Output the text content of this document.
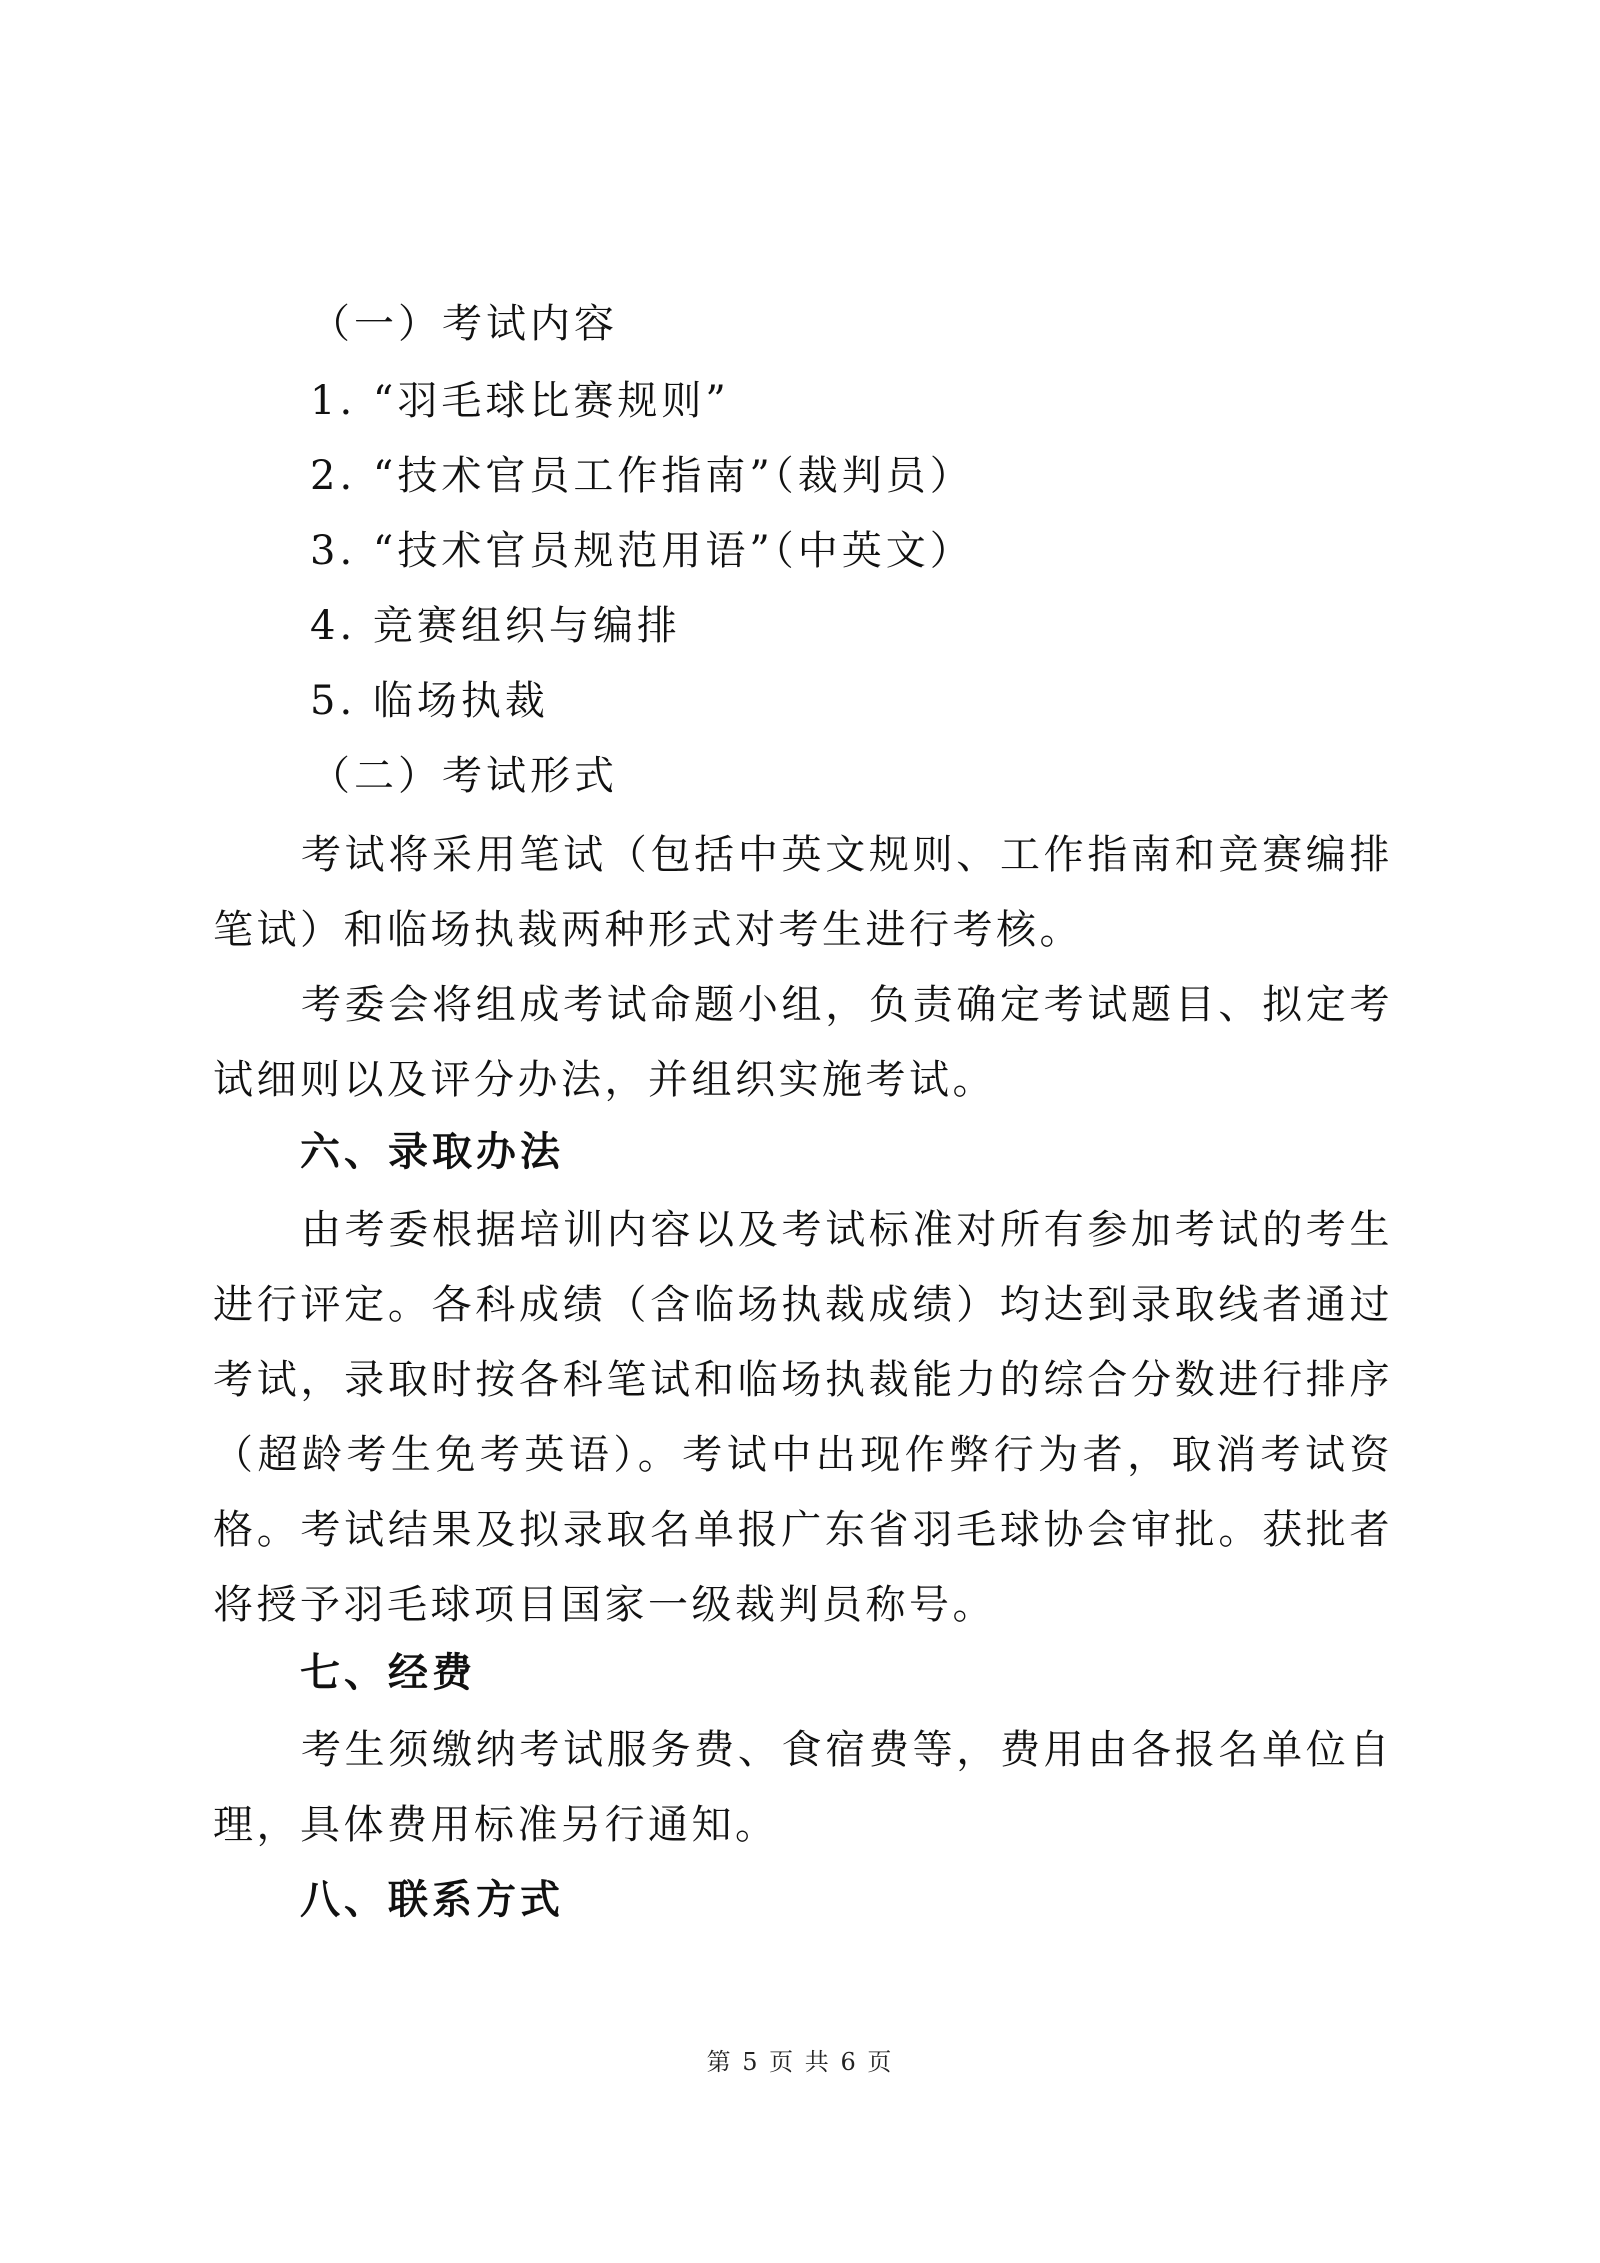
（一）考试内容
1. “羽毛球比赛规则”
2. “技术官员工作指南”（裁判员）
3. “技术官员规范用语”（中英文）
4. 竞赛组织与编排
5. 临场执裁
（二）考试形式
考试将采用笔试（包括中英文规则、工作指南和竞赛编排笔试）和临场执裁两种形式对考生进行考核。
考委会将组成考试命题小组，负责确定考试题目、拟定考试细则以及评分办法，并组织实施考试。
六、录取办法
由考委根据培训内容以及考试标准对所有参加考试的考生进行评定。各科成绩（含临场执裁成绩）均达到录取线者通过考试，录取时按各科笔试和临场执裁能力的综合分数进行排序（超龄考生免考英语）。考试中出现作弊行为者，取消考试资格。考试结果及拟录取名单报广东省羽毛球协会审批。获批者将授予羽毛球项目国家一级裁判员称号。
七、经费
考生须缴纳考试服务费、食宿费等，费用由各报名单位自理，具体费用标准另行通知。
八、联系方式
第 5 页 共 6 页
